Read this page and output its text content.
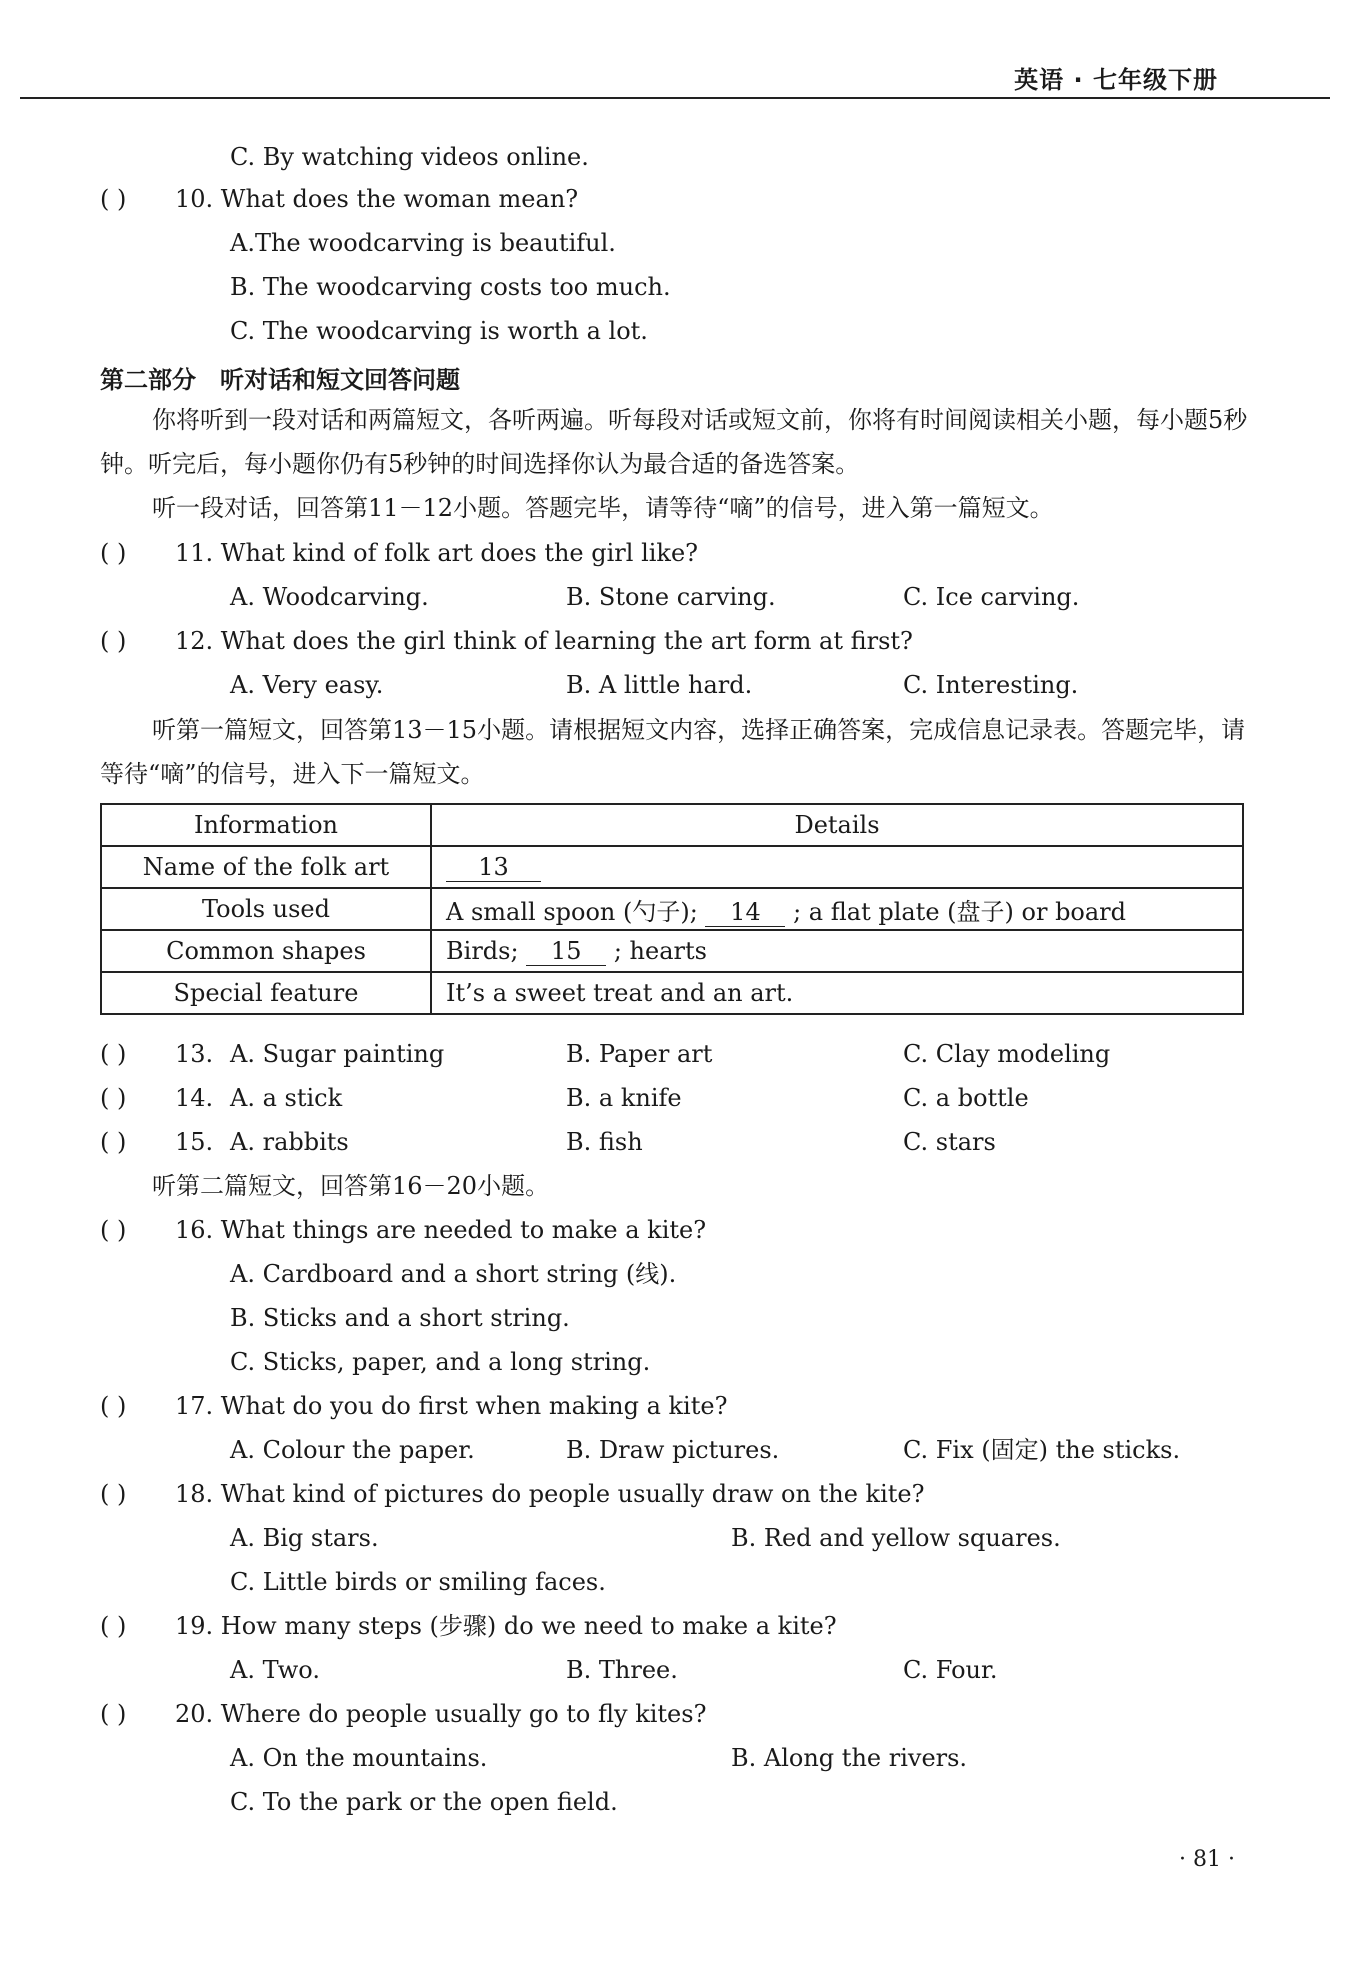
英语 · 七年级下册
C. By watching videos online.
( ) 10. What does the woman mean?
A.The woodcarving is beautiful.
B. The woodcarving costs too much.
C. The woodcarving is worth a lot.
第二部分　听对话和短文回答问题
你将听到一段对话和两篇短文，各听两遍。听每段对话或短文前，你将有时间阅读相关小题，每小题5秒钟。听完后，每小题你仍有5秒钟的时间选择你认为最合适的备选答案。
听一段对话，回答第11－12小题。答题完毕，请等待“嘀”的信号，进入第一篇短文。
( ) 11. What kind of folk art does the girl like?
A. Woodcarving.	B. Stone carving.	C. Ice carving.
( ) 12. What does the girl think of learning the art form at first?
A. Very easy.	B. A little hard.	C. Interesting.
听第一篇短文，回答第13－15小题。请根据短文内容，选择正确答案，完成信息记录表。答题完毕，请等待“嘀”的信号，进入下一篇短文。
Information	Details
Name of the folk art	13
Tools used	A small spoon (勺子); 14 ; a flat plate (盘子) or board
Common shapes	Birds; 15 ; hearts
Special feature	It’s a sweet treat and an art.
( ) 13. A. Sugar painting	B. Paper art	C. Clay modeling
( ) 14. A. a stick	B. a knife	C. a bottle
( ) 15. A. rabbits	B. fish	C. stars
听第二篇短文，回答第16－20小题。
( ) 16. What things are needed to make a kite?
A. Cardboard and a short string (线).
B. Sticks and a short string.
C. Sticks, paper, and a long string.
( ) 17. What do you do first when making a kite?
A. Colour the paper.	B. Draw pictures.	C. Fix (固定) the sticks.
( ) 18. What kind of pictures do people usually draw on the kite?
A. Big stars.	B. Red and yellow squares.
C. Little birds or smiling faces.
( ) 19. How many steps (步骤) do we need to make a kite?
A. Two.	B. Three.	C. Four.
( ) 20. Where do people usually go to fly kites?
A. On the mountains.	B. Along the rivers.
C. To the park or the open field.
· 81 ·
